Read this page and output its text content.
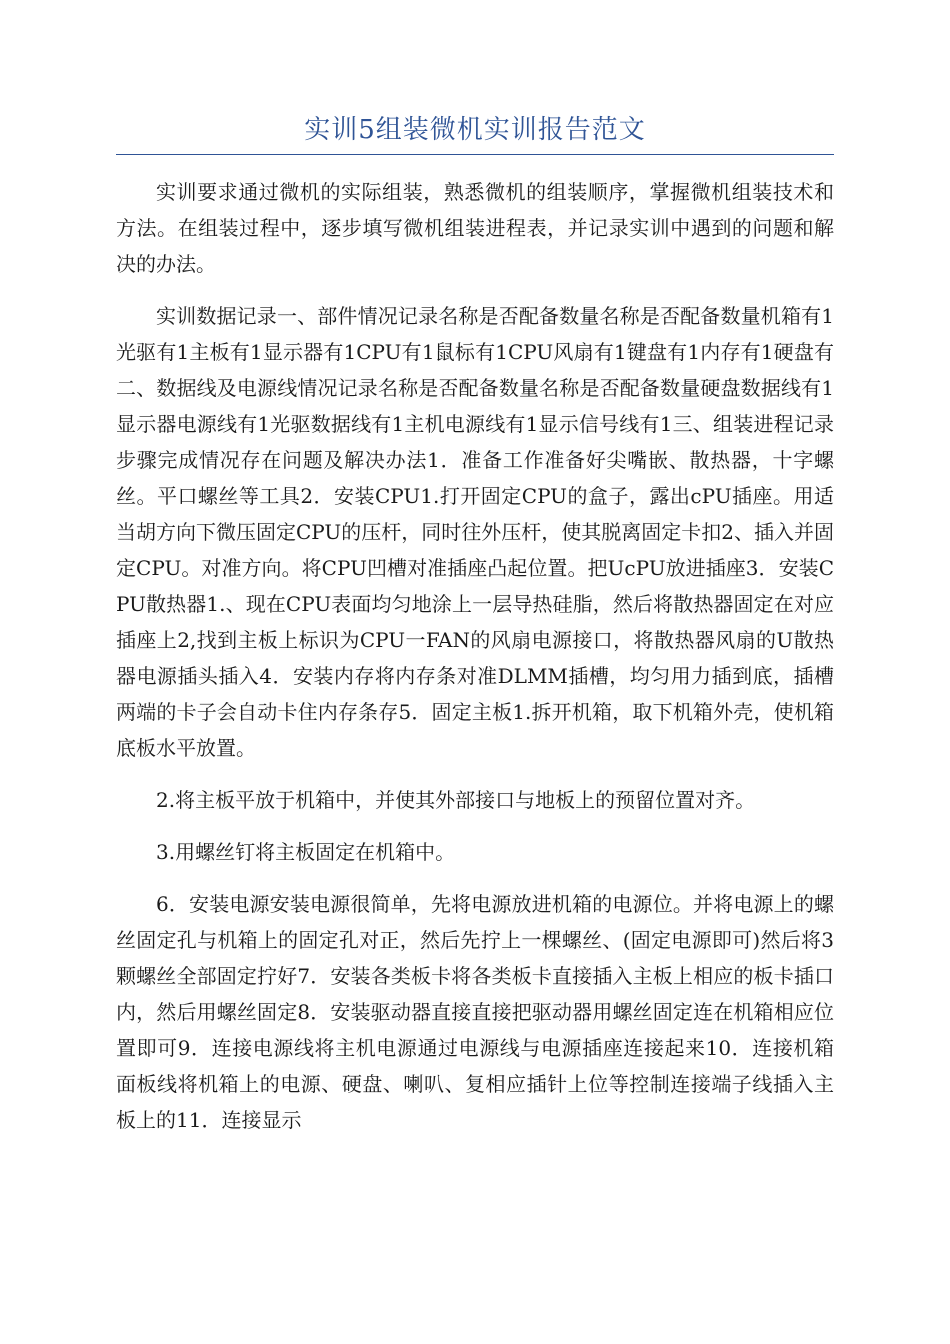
实训5组装微机实训报告范文

实训要求通过微机的实际组装，熟悉微机的组装顺序，掌握微机组装技术和方法。在组装过程中，逐步填写微机组装进程表，并记录实训中遇到的问题和解决的办法。

实训数据记录一、部件情况记录名称是否配备数量名称是否配备数量机箱有1光驱有1主板有1显示器有1CPU有1鼠标有1CPU风扇有1键盘有1内存有1硬盘有二、数据线及电源线情况记录名称是否配备数量名称是否配备数量硬盘数据线有1显示器电源线有1光驱数据线有1主机电源线有1显示信号线有1三、组装进程记录步骤完成情况存在问题及解决办法1．准备工作准备好尖嘴嵌、散热器，十字螺丝。平口螺丝等工具2．安装CPU1.打开固定CPU的盒子，露出cPU插座。用适当胡方向下微压固定CPU的压杆，同时往外压杆，使其脱离固定卡扣2、插入并固定CPU。对准方向。将CPU凹槽对准插座凸起位置。把UcPU放进插座3．安装CPU散热器1.、现在CPU表面均匀地涂上一层导热硅脂，然后将散热器固定在对应插座上2,找到主板上标识为CPU一FAN的风扇电源接口，将散热器风扇的U散热器电源插头插入4．安装内存将内存条对准DLMM插槽，均匀用力插到底，插槽两端的卡子会自动卡住内存条存5．固定主板1.拆开机箱，取下机箱外壳，使机箱底板水平放置。

2.将主板平放于机箱中，并使其外部接口与地板上的预留位置对齐。

3.用螺丝钉将主板固定在机箱中。

6．安装电源安装电源很简单，先将电源放进机箱的电源位。并将电源上的螺丝固定孔与机箱上的固定孔对正，然后先拧上一棵螺丝、(固定电源即可)然后将3颗螺丝全部固定拧好7．安装各类板卡将各类板卡直接插入主板上相应的板卡插口内，然后用螺丝固定8．安装驱动器直接直接把驱动器用螺丝固定连在机箱相应位置即可9．连接电源线将主机电源通过电源线与电源插座连接起来10．连接机箱面板线将机箱上的电源、硬盘、喇叭、复相应插针上位等控制连接端子线插入主板上的11．连接显示
